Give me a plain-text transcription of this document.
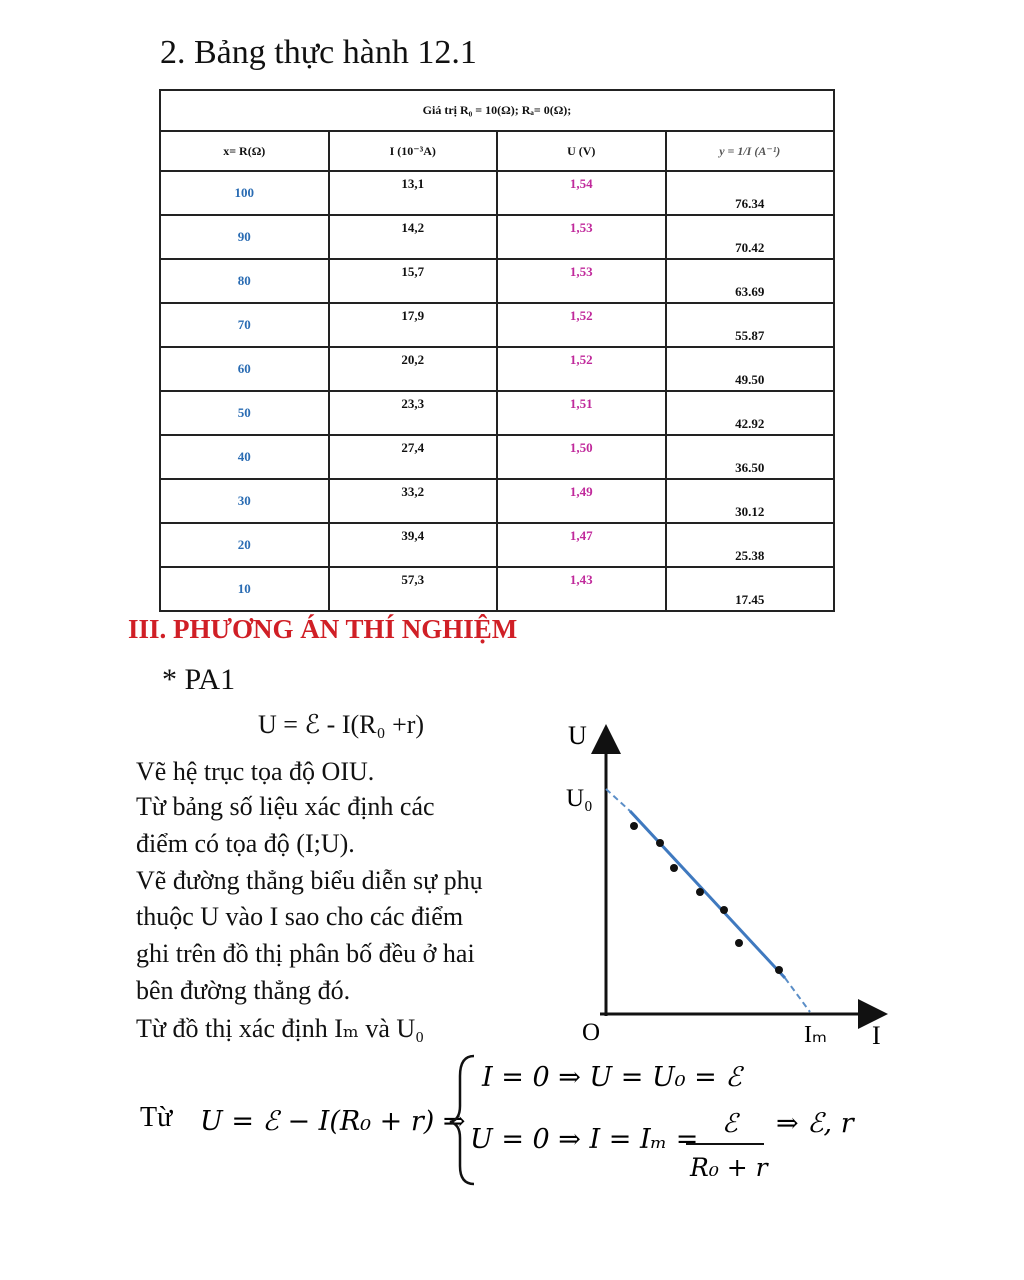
2. Bảng thực hành 12.1
Giá trị R₀ = 10(Ω); Rₐ= 0(Ω);			
x= R(Ω)	I (10⁻³A)	U (V)	y = 1/I (A⁻¹)
100	13,1	1,54	76.34
90	14,2	1,53	70.42
80	15,7	1,53	63.69
70	17,9	1,52	55.87
60	20,2	1,52	49.50
50	23,3	1,51	42.92
40	27,4	1,50	36.50
30	33,2	1,49	30.12
20	39,4	1,47	25.38
10	57,3	1,43	17.45
III. PHƯƠNG ÁN THÍ NGHIỆM
* PA1
U = ℰ - I(R₀ +r)
Vẽ hệ trục tọa độ OIU.
Từ bảng số liệu xác định các
điểm có tọa độ (I;U).
Vẽ đường thẳng biểu diễn sự phụ
thuộc U vào I sao cho các điểm
ghi trên đồ thị phân bố đều ở hai
bên đường thẳng đó.
Từ đồ thị xác định Iₘ và U₀
U
U₀
O	Iₘ I
Từ U = ℰ − I(R₀ + r) ⇒
I = 0 ⇒ U = U₀ = ℰ
U = 0 ⇒ I = Iₘ = ℰ
R₀ + r
⇒ ℰ, r
